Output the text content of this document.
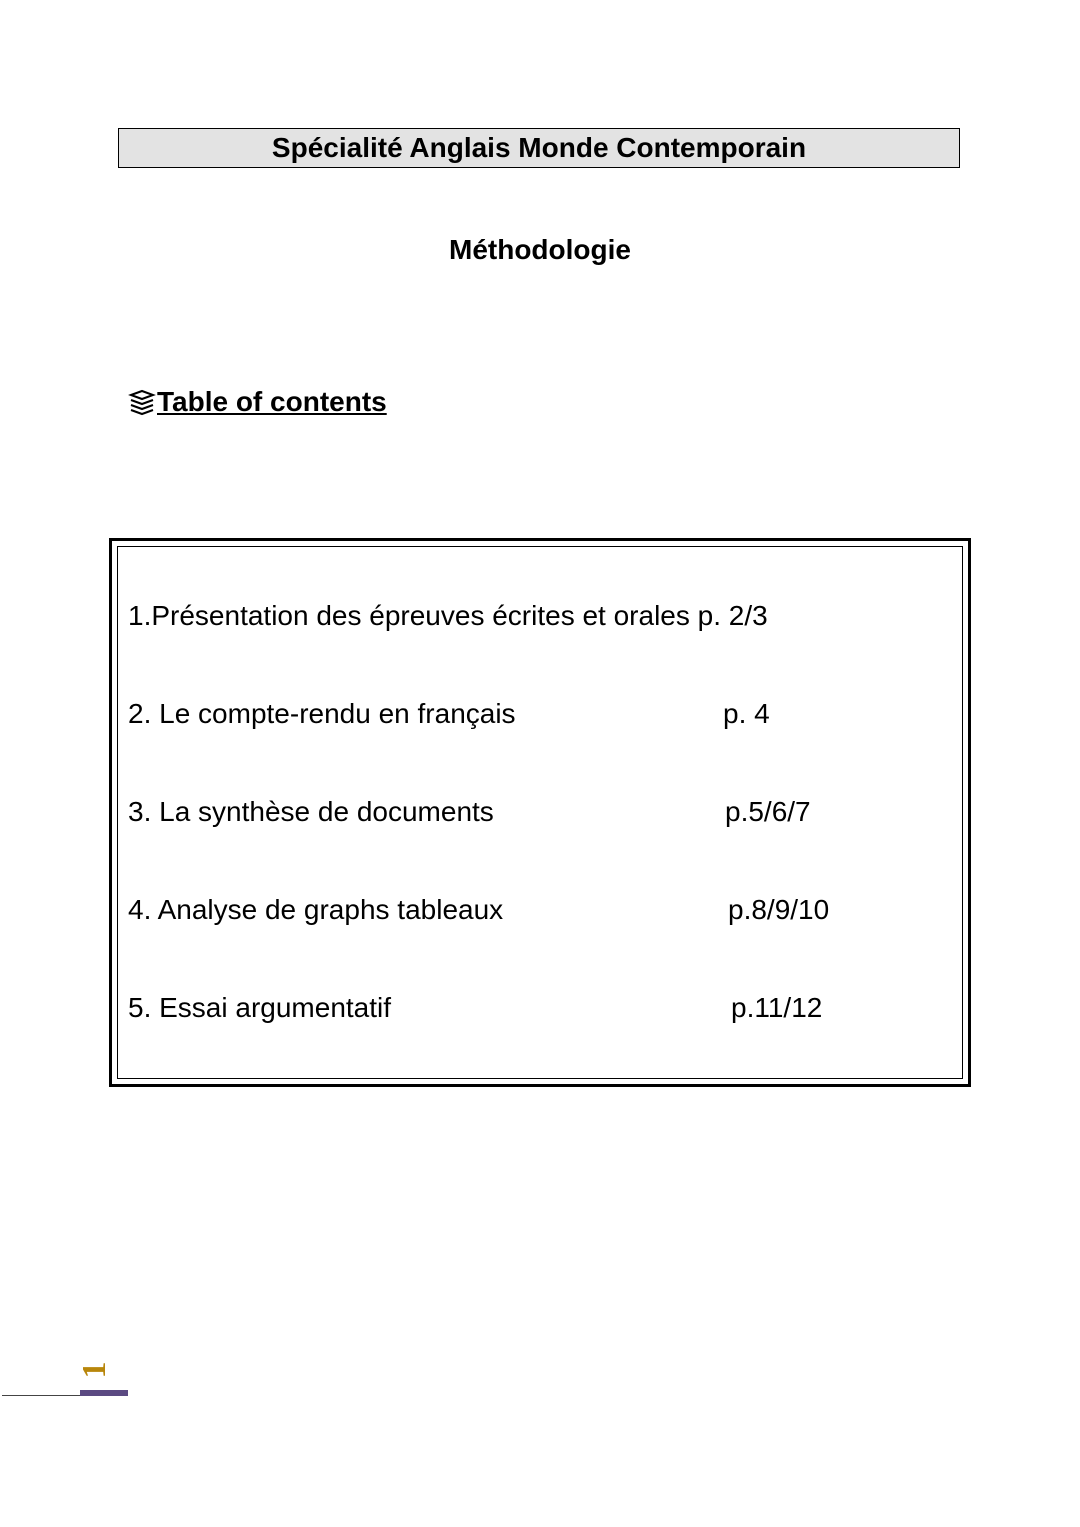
Spécialité Anglais Monde Contemporain
Méthodologie
Table of contents
1.Présentation des épreuves écrites et orales p. 2/3
2. Le compte-rendu en français	p. 4
3. La synthèse de documents	p.5/6/7
4. Analyse de graphs tableaux	p.8/9/10
5. Essai argumentatif	p.11/12
1
